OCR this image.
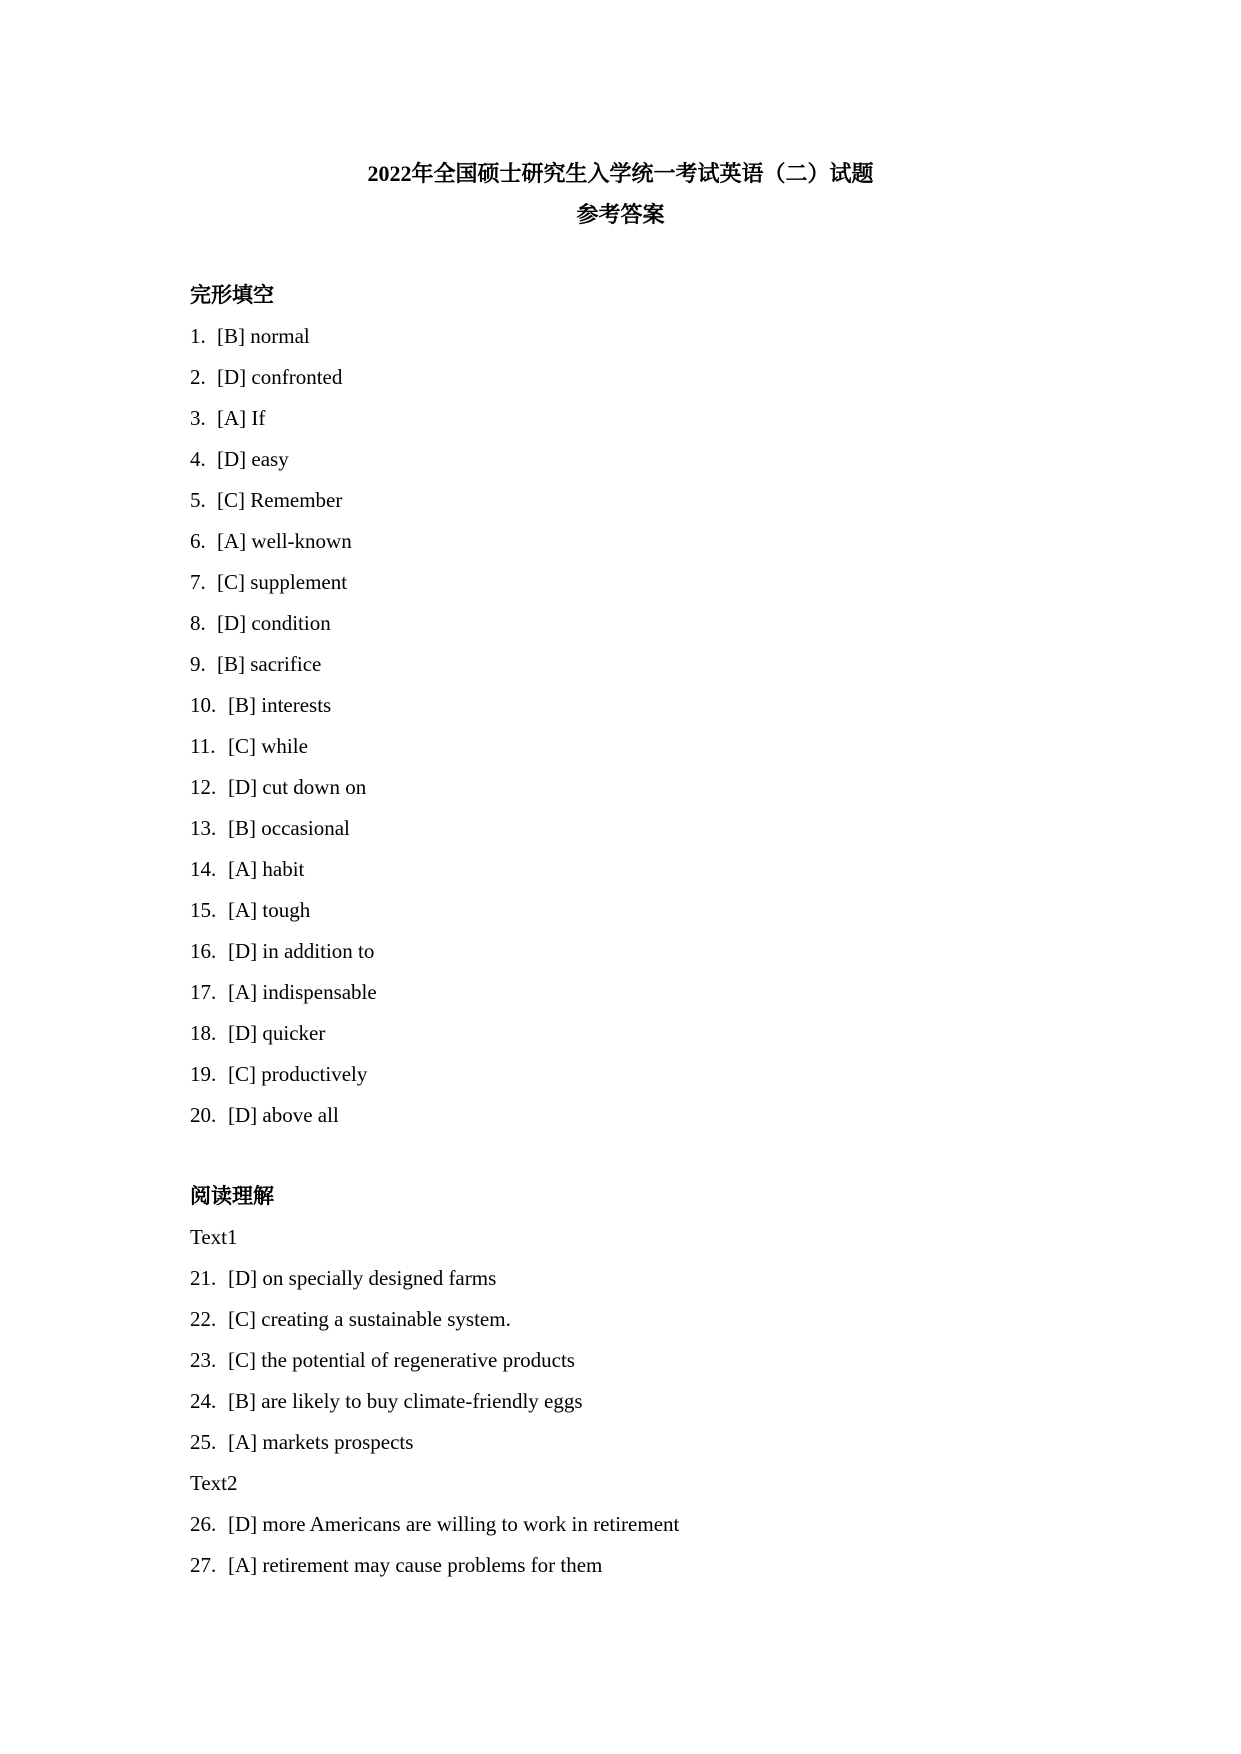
2022年全国硕士研究生入学统一考试英语（二）试题
参考答案
完形填空
1. [B] normal
2. [D] confronted
3. [A] If
4. [D] easy
5. [C] Remember
6. [A] well-known
7. [C] supplement
8. [D] condition
9. [B] sacrifice
10. [B] interests
11. [C] while
12. [D] cut down on
13. [B] occasional
14. [A] habit
15. [A] tough
16. [D] in addition to
17. [A] indispensable
18. [D] quicker
19. [C] productively
20. [D] above all
阅读理解
Text1
21. [D] on specially designed farms
22. [C] creating a sustainable system.
23. [C] the potential of regenerative products
24. [B] are likely to buy climate-friendly eggs
25. [A] markets prospects
Text2
26. [D] more Americans are willing to work in retirement
27. [A] retirement may cause problems for them
